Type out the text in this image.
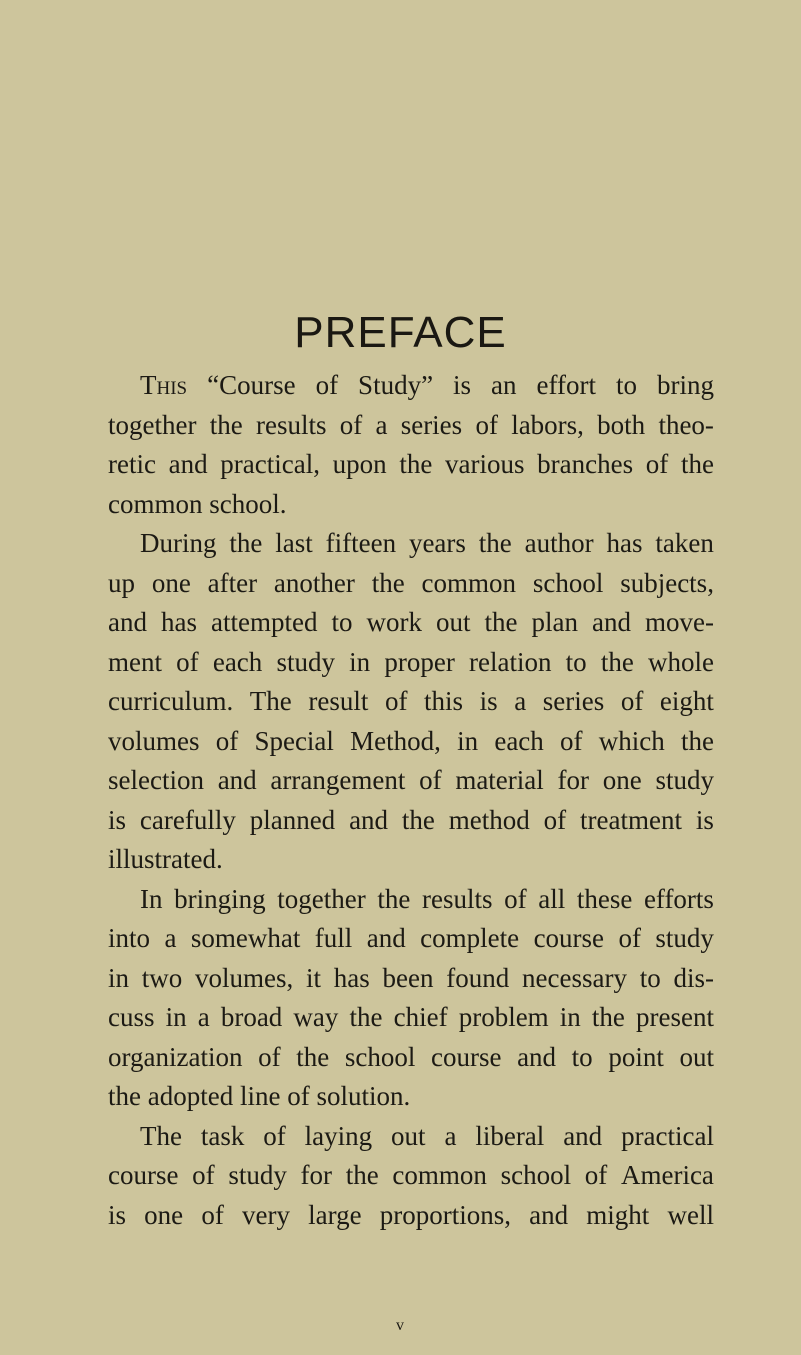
PREFACE
This “Course of Study” is an effort to bring
together the results of a series of labors, both theo-
retic and practical, upon the various branches of the
common
school.
During the last fifteen years the author has taken
up one after another the common school subjects,
and has attempted to work out the plan and move-
ment of each study in proper relation to the whole
curriculum. The result of this is a series of eight
volumes of Special Method, in each of which the
selection and arrangement of material for one study
is carefully planned and the method of treatment is
illustrated.
In bringing together the results of all these efforts
into a somewhat full and complete course of study
in two volumes, it has been found necessary to dis-
cuss in a broad way the chief problem in the present
organization of the school course and to point out
the
adopted
line
of
solution.
The task of laying out a liberal and practical
course of study for the common school of America
is one of very large proportions, and might well
v
